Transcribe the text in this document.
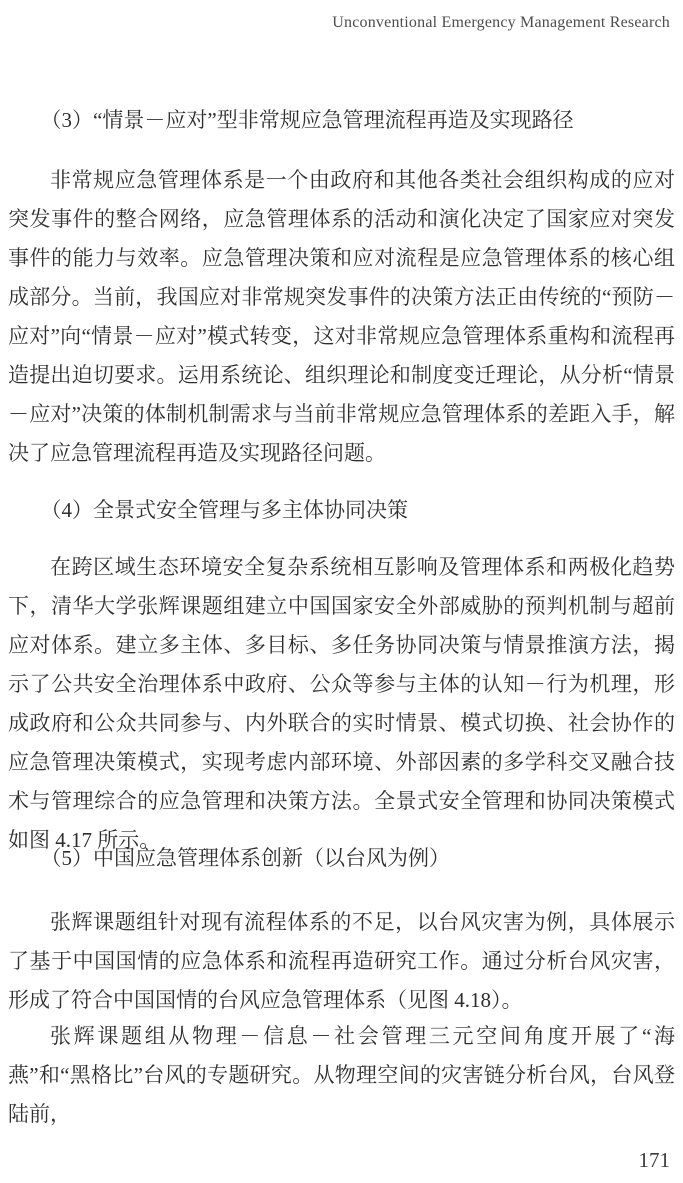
Unconventional Emergency Management Research
（3）“情景－应对”型非常规应急管理流程再造及实现路径

非常规应急管理体系是一个由政府和其他各类社会组织构成的应对突发事件的整合网络，应急管理体系的活动和演化决定了国家应对突发事件的能力与效率。应急管理决策和应对流程是应急管理体系的核心组成部分。当前，我国应对非常规突发事件的决策方法正由传统的“预防－应对”向“情景－应对”模式转变，这对非常规应急管理体系重构和流程再造提出迫切要求。运用系统论、组织理论和制度变迁理论，从分析“情景－应对”决策的体制机制需求与当前非常规应急管理体系的差距入手，解决了应急管理流程再造及实现路径问题。

（4）全景式安全管理与多主体协同决策

在跨区域生态环境安全复杂系统相互影响及管理体系和两极化趋势下，清华大学张辉课题组建立中国国家安全外部威胁的预判机制与超前应对体系。建立多主体、多目标、多任务协同决策与情景推演方法，揭示了公共安全治理体系中政府、公众等参与主体的认知－行为机理，形成政府和公众共同参与、内外联合的实时情景、模式切换、社会协作的应急管理决策模式，实现考虑内部环境、外部因素的多学科交叉融合技术与管理综合的应急管理和决策方法。全景式安全管理和协同决策模式如图 4.17 所示。

（5）中国应急管理体系创新（以台风为例）

张辉课题组针对现有流程体系的不足，以台风灾害为例，具体展示了基于中国国情的应急体系和流程再造研究工作。通过分析台风灾害，形成了符合中国国情的台风应急管理体系（见图 4.18）。

张辉课题组从物理－信息－社会管理三元空间角度开展了“海燕”和“黑格比”台风的专题研究。从物理空间的灾害链分析台风，台风登陆前，

171
